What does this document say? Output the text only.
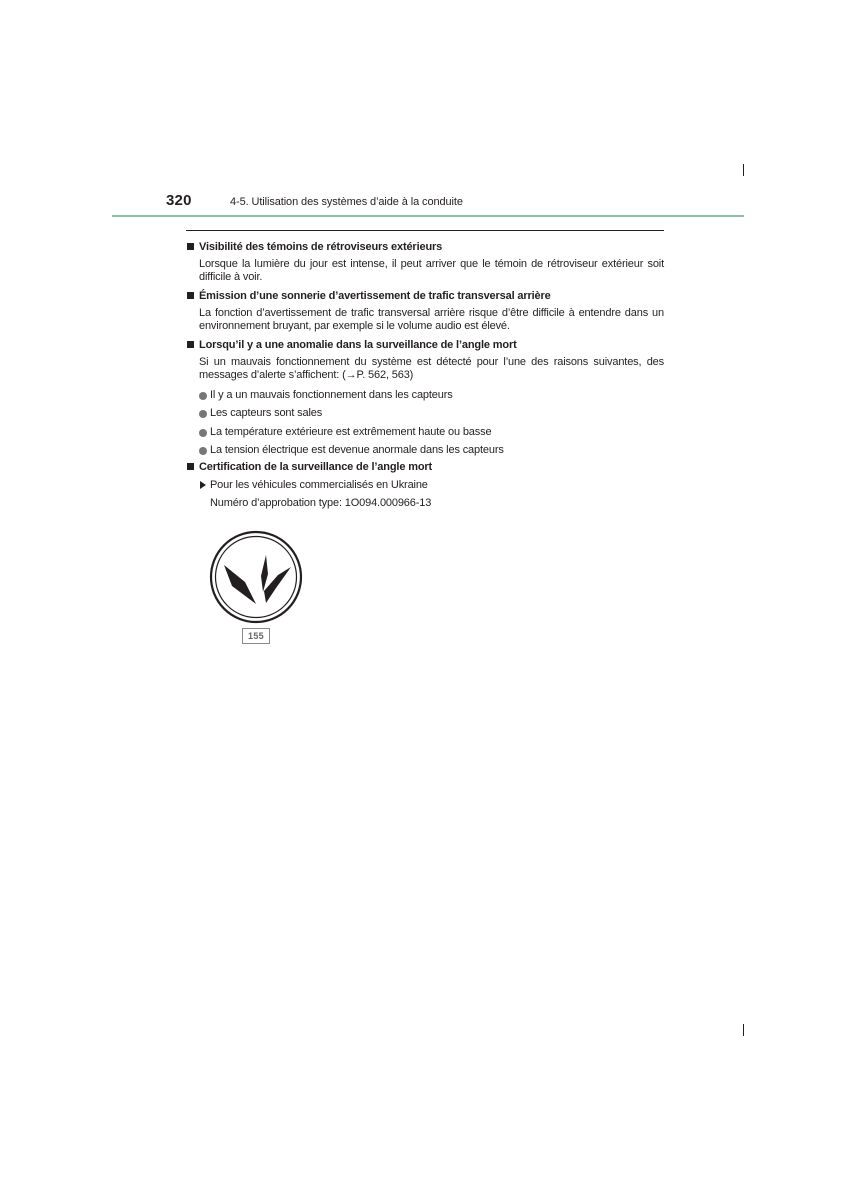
320	4-5. Utilisation des systèmes d’aide à la conduite
Visibilité des témoins de rétroviseurs extérieurs
Lorsque la lumière du jour est intense, il peut arriver que le témoin de rétroviseur extérieur soit difficile à voir.
Émission d’une sonnerie d’avertissement de trafic transversal arrière
La fonction d’avertissement de trafic transversal arrière risque d’être difficile à entendre dans un environnement bruyant, par exemple si le volume audio est élevé.
Lorsqu’il y a une anomalie dans la surveillance de l’angle mort
Si un mauvais fonctionnement du système est détecté pour l’une des raisons suivantes, des messages d’alerte s’affichent: (→P. 562, 563)
Il y a un mauvais fonctionnement dans les capteurs
Les capteurs sont sales
La température extérieure est extrêmement haute ou basse
La tension électrique est devenue anormale dans les capteurs
Certification de la surveillance de l’angle mort
Pour les véhicules commercialisés en Ukraine
Numéro d’approbation type: 1O094.000966-13
155
